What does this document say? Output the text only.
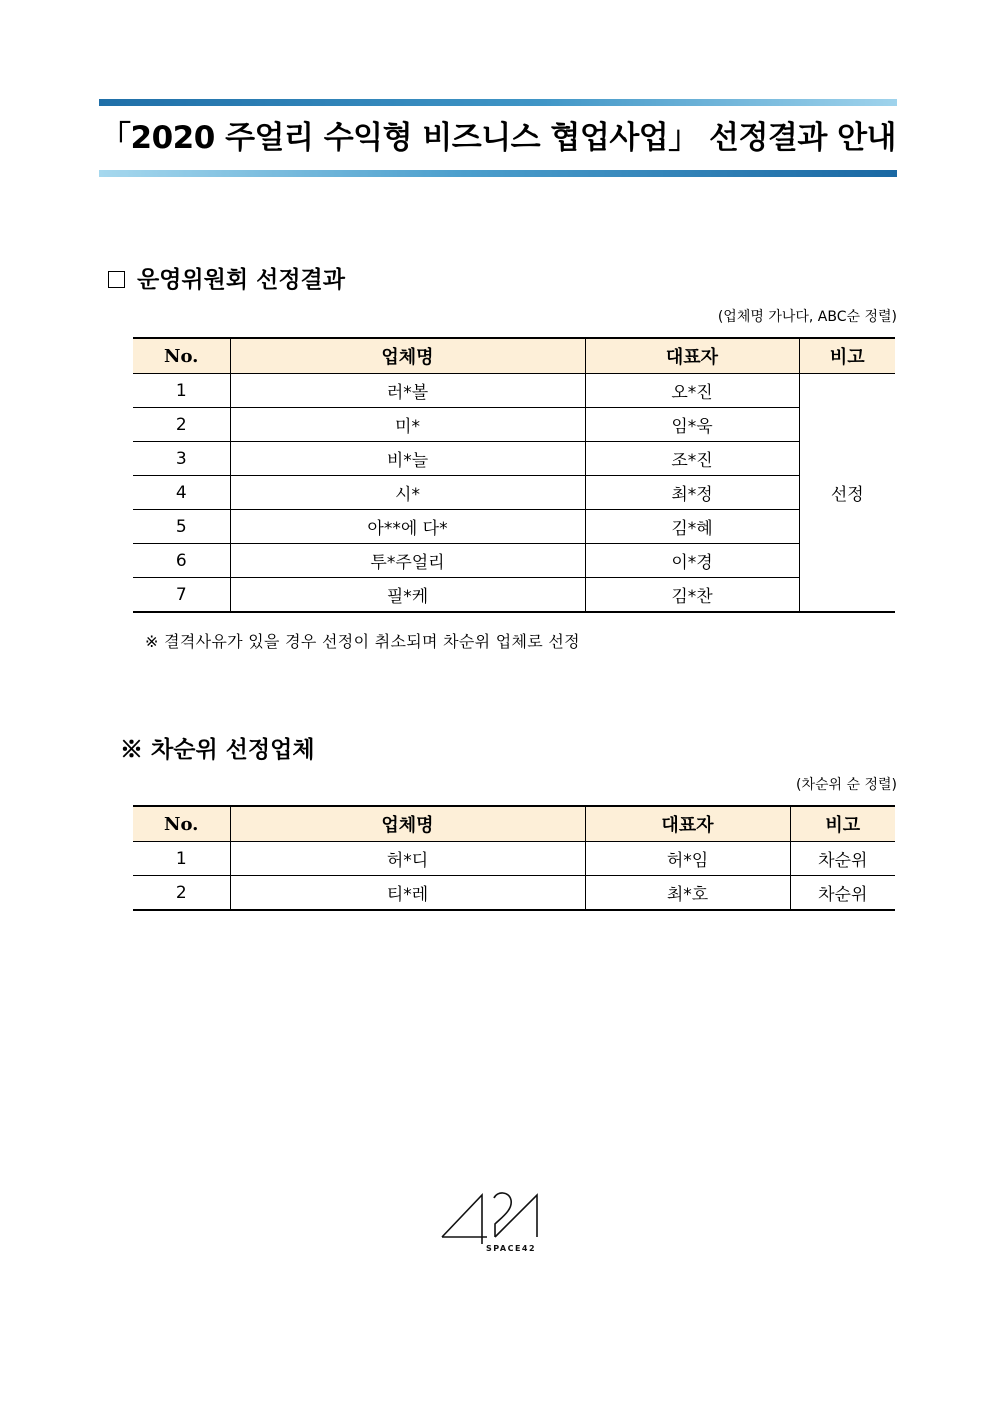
「2020 주얼리 수익형 비즈니스 협업사업」 선정결과 안내
운영위원회 선정결과
(업체명 가나다, ABC순 정렬)
No.	업체명	대표자	비고
1	러*볼	오*진	선정
2	미*	임*욱	
3	비*늘	조*진	
4	시*	최*정	
5	아**에 다*	김*혜	
6	투*주얼리	이*경	
7	필*케	김*찬	
※ 결격사유가 있을 경우 선정이 취소되며 차순위 업체로 선정
※ 차순위 선정업체
(차순위 순 정렬)
No.	업체명	대표자	비고
1	허*디	허*임	차순위
2	티*레	최*호	차순위
SPACE42
